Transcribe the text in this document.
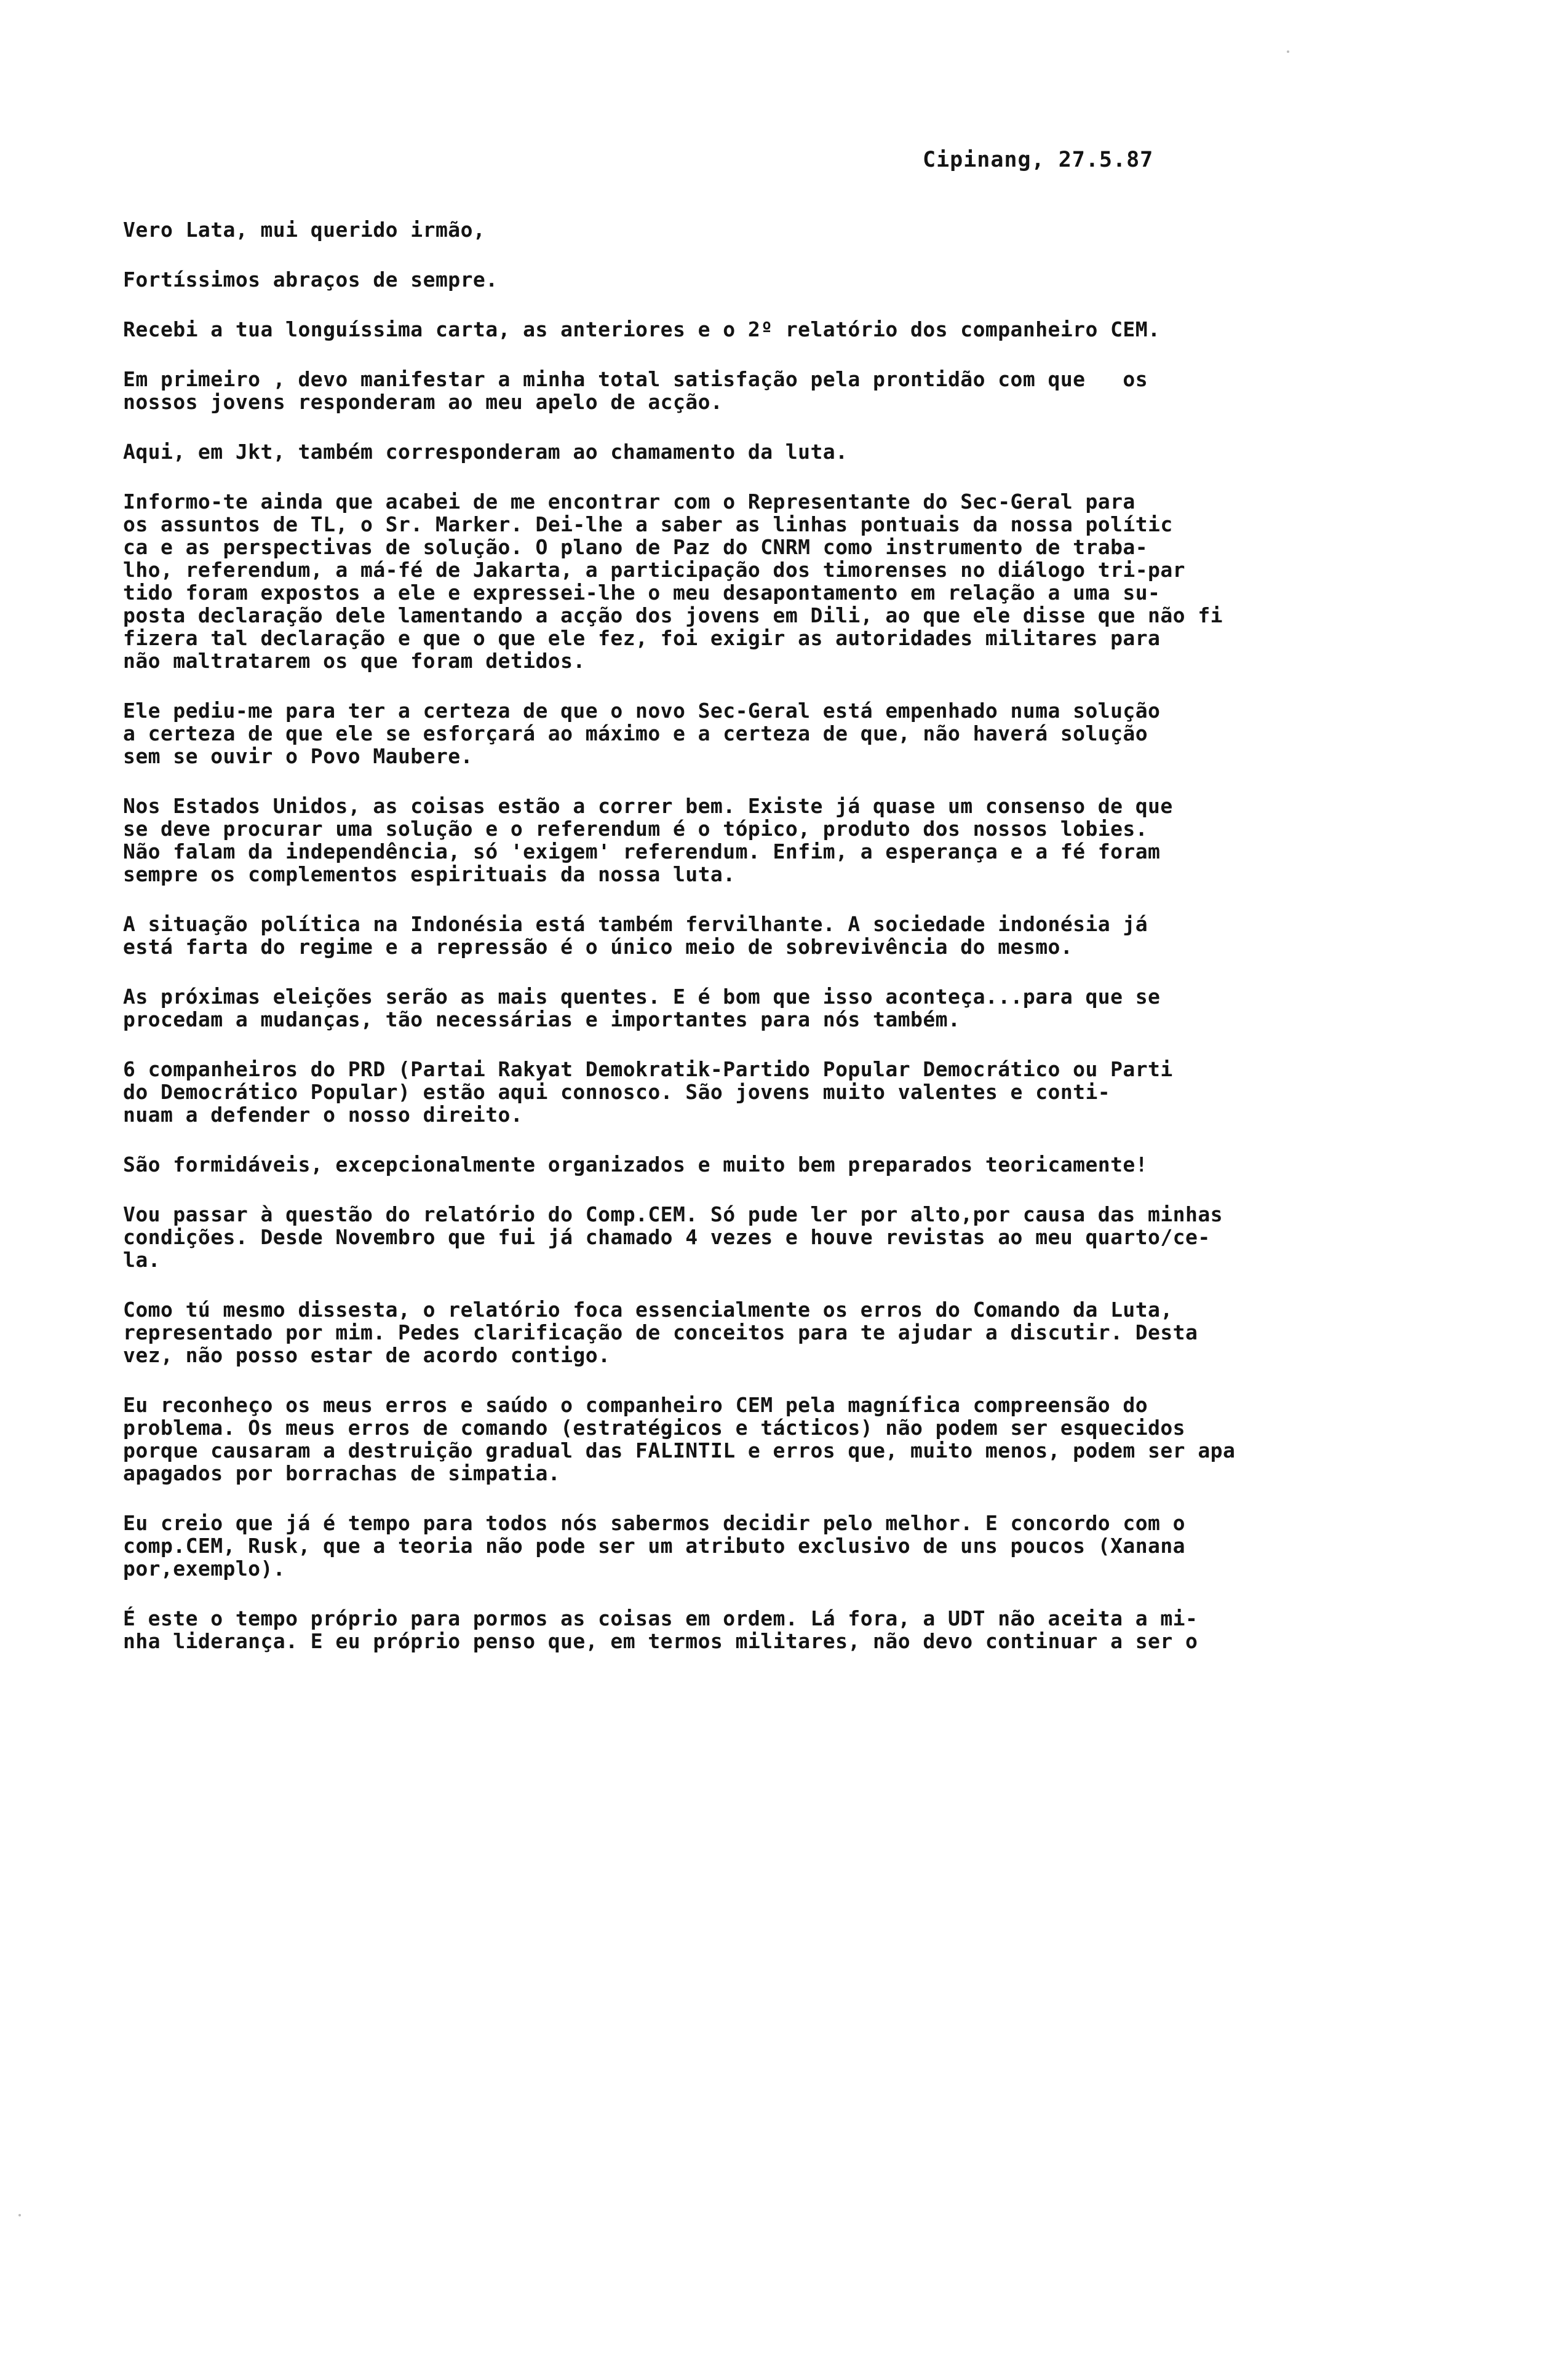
Cipinang, 27.5.87
Vero Lata, mui querido irmão,
Fortíssimos abraços de sempre.
Recebi a tua longuíssima carta, as anteriores e o 2º relatório dos companheiro CEM.
Em primeiro , devo manifestar a minha total satisfação pela prontidão com que   os
nossos jovens responderam ao meu apelo de acção.
Aqui, em Jkt, também corresponderam ao chamamento da luta.
Informo-te ainda que acabei de me encontrar com o Representante do Sec-Geral para
os assuntos de TL, o Sr. Marker. Dei-lhe a saber as linhas pontuais da nossa polític
ca e as perspectivas de solução. O plano de Paz do CNRM como instrumento de traba-
lho, referendum, a má-fé de Jakarta, a participação dos timorenses no diálogo tri-par
tido foram expostos a ele e expressei-lhe o meu desapontamento em relação a uma su-
posta declaração dele lamentando a acção dos jovens em Dili, ao que ele disse que não fi
fizera tal declaração e que o que ele fez, foi exigir as autoridades militares para
não maltratarem os que foram detidos.
Ele pediu-me para ter a certeza de que o novo Sec-Geral está empenhado numa solução
a certeza de que ele se esforçará ao máximo e a certeza de que, não haverá solução
sem se ouvir o Povo Maubere.
Nos Estados Unidos, as coisas estão a correr bem. Existe já quase um consenso de que
se deve procurar uma solução e o referendum é o tópico, produto dos nossos lobies.
Não falam da independência, só 'exigem' referendum. Enfim, a esperança e a fé foram
sempre os complementos espirituais da nossa luta.
A situação política na Indonésia está também fervilhante. A sociedade indonésia já
está farta do regime e a repressão é o único meio de sobrevivência do mesmo.
As próximas eleições serão as mais quentes. E é bom que isso aconteça...para que se
procedam a mudanças, tão necessárias e importantes para nós também.
6 companheiros do PRD (Partai Rakyat Demokratik-Partido Popular Democrático ou Parti
do Democrático Popular) estão aqui connosco. São jovens muito valentes e conti-
nuam a defender o nosso direito.
São formidáveis, excepcionalmente organizados e muito bem preparados teoricamente!
Vou passar à questão do relatório do Comp.CEM. Só pude ler por alto,por causa das minhas
condições. Desde Novembro que fui já chamado 4 vezes e houve revistas ao meu quarto/ce-
la.
Como tú mesmo dissesta, o relatório foca essencialmente os erros do Comando da Luta,
representado por mim. Pedes clarificação de conceitos para te ajudar a discutir. Desta
vez, não posso estar de acordo contigo.
Eu reconheço os meus erros e saúdo o companheiro CEM pela magnífica compreensão do
problema. Os meus erros de comando (estratégicos e tácticos) não podem ser esquecidos
porque causaram a destruição gradual das FALINTIL e erros que, muito menos, podem ser apa
apagados por borrachas de simpatia.
Eu creio que já é tempo para todos nós sabermos decidir pelo melhor. E concordo com o
comp.CEM, Rusk, que a teoria não pode ser um atributo exclusivo de uns poucos (Xanana
por,exemplo).
É este o tempo próprio para pormos as coisas em ordem. Lá fora, a UDT não aceita a mi-
nha liderança. E eu próprio penso que, em termos militares, não devo continuar a ser o
